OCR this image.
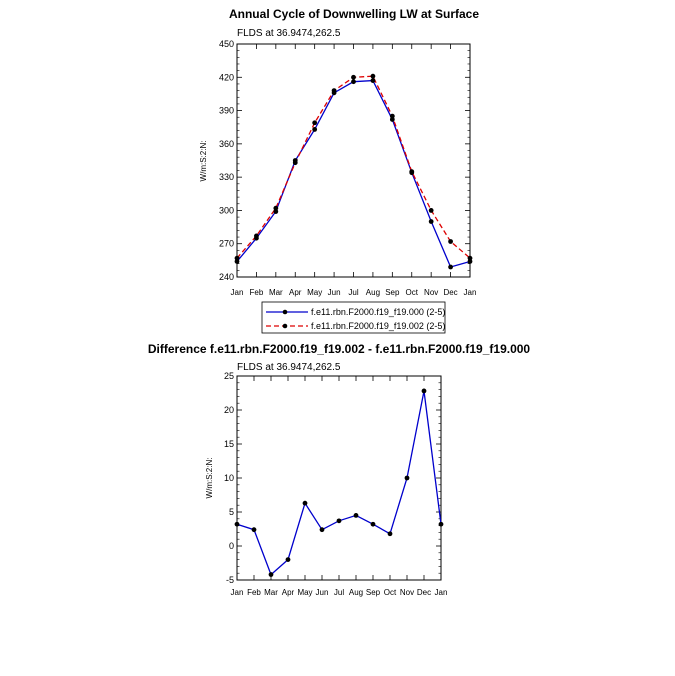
Annual Cycle of Downwelling LW at Surface
FLDS at 36.9474,262.5
W/m:S:2:N:
240
270
300
330
360
390
420
450
Jan Feb Mar Apr May Jun Jul Aug Sep Oct Nov Dec Jan
f.e11.rbn.F2000.f19_f19.000 (2-5)
f.e11.rbn.F2000.f19_f19.002 (2-5)
Difference f.e11.rbn.F2000.f19_f19.002 - f.e11.rbn.F2000.f19_f19.000
FLDS at 36.9474,262.5
W/m:S:2:N:
-5
0
5
10
15
20
25
Jan Feb Mar Apr May Jun Jul Aug Sep Oct Nov Dec Jan
